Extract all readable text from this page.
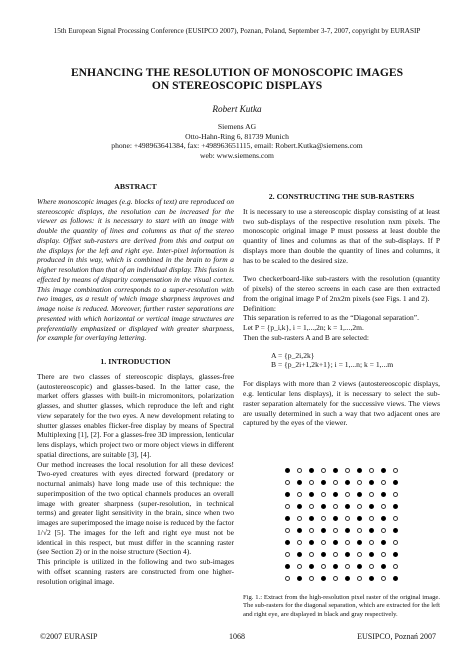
15th European Signal Processing Conference (EUSIPCO 2007), Poznan, Poland, September 3-7, 2007, copyright by EURASIP
ENHANCING THE RESOLUTION OF MONOSCOPIC IMAGES
ON STEREOSCOPIC DISPLAYS
Robert Kutka
Siemens AG
Otto-Hahn-Ring 6, 81739 Munich
phone: +498963641384, fax: +498963651115, email: Robert.Kutka@siemens.com
web: www.siemens.com
ABSTRACT

Where monoscopic images (e.g. blocks of text) are reproduced on stereoscopic displays, the resolution can be increased for the viewer as follows: it is necessary to start with an image with double the quantity of lines and columns as that of the stereo display. Offset sub-rasters are derived from this and output on the displays for the left and right eye. Inter-pixel information is produced in this way, which is combined in the brain to form a higher resolution than that of an individual display. This fusion is effected by means of disparity compensation in the visual cortex. This image combination corresponds to a super-resolution with two images, as a result of which image sharpness improves and image noise is reduced. Moreover, further raster separations are presented with which horizontal or vertical image structures are preferentially emphasized or displayed with greater sharpness, for example for overlaying lettering.

1. INTRODUCTION

There are two classes of stereoscopic displays, glasses-free (autostereoscopic) and glasses-based. In the latter case, the market offers glasses with built-in micromonitors, polarization glasses, and shutter glasses, which reproduce the left and right view separately for the two eyes. A new development relating to shutter glasses enables flicker-free display by means of Spectral Multiplexing [1], [2]. For a glasses-free 3D impression, lenticular lens displays, which project two or more object views in different spatial directions, are suitable [3], [4].

Our method increases the local resolution for all these devices! Two-eyed creatures with eyes directed forward (predatory or nocturnal animals) have long made use of this technique: the superimposition of the two optical channels produces an overall image with greater sharpness (super-resolution, in technical terms) and greater light sensitivity in the brain, since when two images are superimposed the image noise is reduced by the factor 1/√2 [5]. The images for the left and right eye must not be identical in this respect, but must differ in the scanning raster (see Section 2) or in the noise structure (Section 4).

This principle is utilized in the following and two sub-images with offset scanning rasters are constructed from one higher-resolution original image.

2. CONSTRUCTING THE SUB-RASTERS

It is necessary to use a stereoscopic display consisting of at least two sub-displays of the respective resolution nxm pixels. The monoscopic original image P must possess at least double the quantity of lines and columns as that of the sub-displays. If P displays more than double the quantity of lines and columns, it has to be scaled to the desired size.

Two checkerboard-like sub-rasters with the resolution (quantity of pixels) of the stereo screens in each case are then extracted from the original image P of 2nx2m pixels (see Figs. 1 and 2).

Definition:
This separation is referred to as the “Diagonal separation”.
Let P = {p_i,k}, i = 1,...,2n; k = 1,...,2m.
Then the sub-rasters A and B are selected:
A = {p_2i,2k}
B = {p_2i+1,2k+1}; i = 1,...n; k = 1,...m

For displays with more than 2 views (autostereoscopic displays, e.g. lenticular lens displays), it is necessary to select the sub-raster separation alternately for the successive views. The views are usually determined in such a way that two adjacent ones are captured by the eyes of the viewer.

Fig. 1.: Extract from the high-resolution pixel raster of the original image. The sub-rasters for the diagonal separation, which are extracted for the left and right eye, are displayed in black and gray respectively.
©2007 EURASIP	1068	EUSIPCO, Poznań 2007
